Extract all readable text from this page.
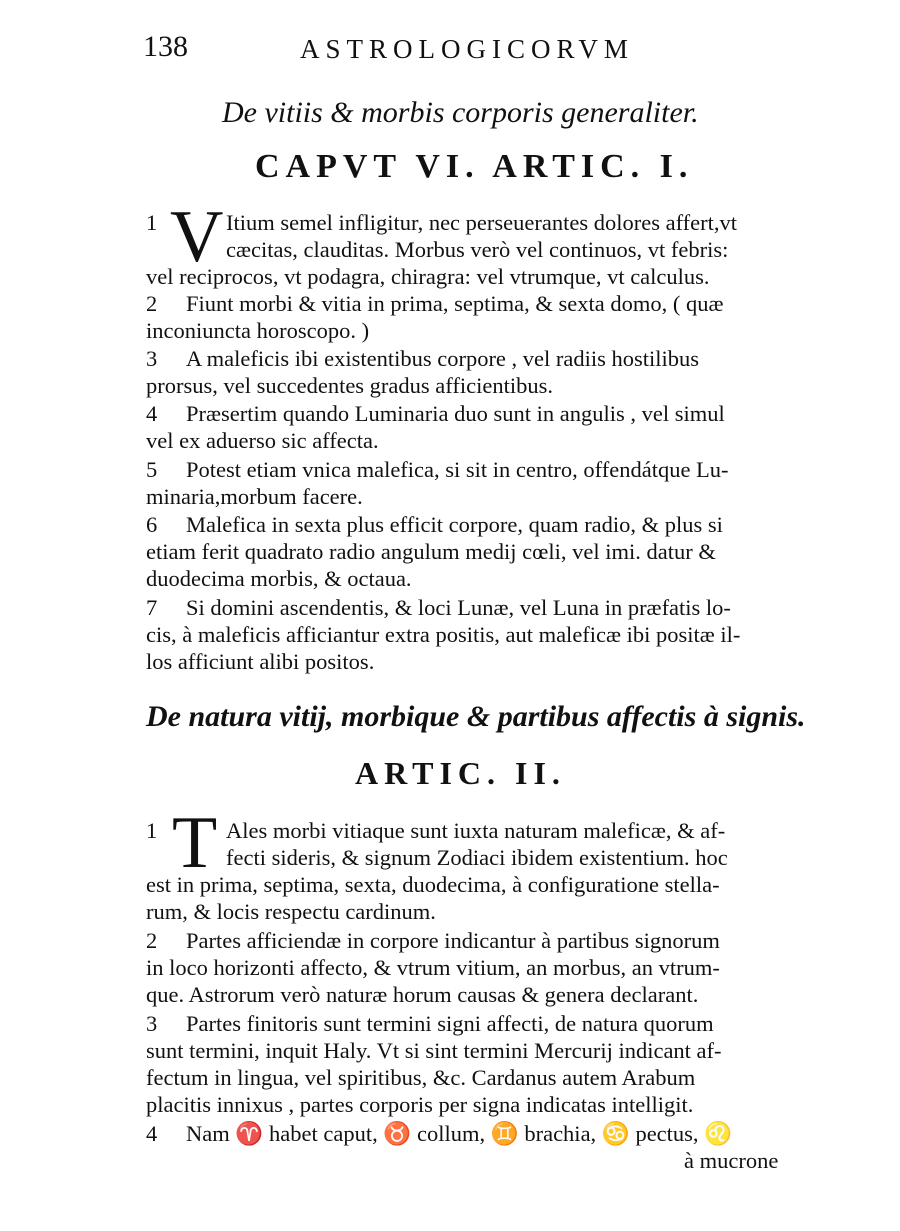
138	ASTROLOGICORVM
De vitiis & morbis corporis generaliter.
CAPVT VI. ARTIC. I.
1 V Itium semel infligitur, nec perseuerantes dolores affert,vt
cæcitas, clauditas. Morbus verò vel continuos, vt febris:
vel reciprocos, vt podagra, chiragra: vel vtrumque, vt calculus.
2 Fiunt morbi & vitia in prima, septima, & sexta domo, ( quæ
inconiuncta horoscopo. )
3 A maleficis ibi existentibus corpore , vel radiis hostilibus
prorsus, vel succedentes gradus afficientibus.
4 Præsertim quando Luminaria duo sunt in angulis , vel simul
vel ex aduerso sic affecta.
5 Potest etiam vnica malefica, si sit in centro, offendátque Lu-
minaria,morbum facere.
6 Malefica in sexta plus efficit corpore, quam radio, & plus si
etiam ferit quadrato radio angulum medij cœli, vel imi. datur &
duodecima morbis, & octaua.
7 Si domini ascendentis, & loci Lunæ, vel Luna in præfatis lo-
cis, à maleficis afficiantur extra positis, aut maleficæ ibi positæ il-
los afficiunt alibi positos.
De natura vitij, morbique & partibus affectis à signis.
ARTIC. II.
1 T Ales morbi vitiaque sunt iuxta naturam maleficæ, & af-
fecti sideris, & signum Zodiaci ibidem existentium. hoc
est in prima, septima, sexta, duodecima, à configuratione stella-
rum, & locis respectu cardinum.
2 Partes afficiendæ in corpore indicantur à partibus signorum
in loco horizonti affecto, & vtrum vitium, an morbus, an vtrum-
que. Astrorum verò naturæ horum causas & genera declarant.
3 Partes finitoris sunt termini signi affecti, de natura quorum
sunt termini, inquit Haly. Vt si sint termini Mercurij indicant af-
fectum in lingua, vel spiritibus, &c. Cardanus autem Arabum
placitis innixus , partes corporis per signa indicatas intelligit.
4 Nam ♈ habet caput, ♉ collum, ♊ brachia, ♋ pectus, ♌
à mucrone
